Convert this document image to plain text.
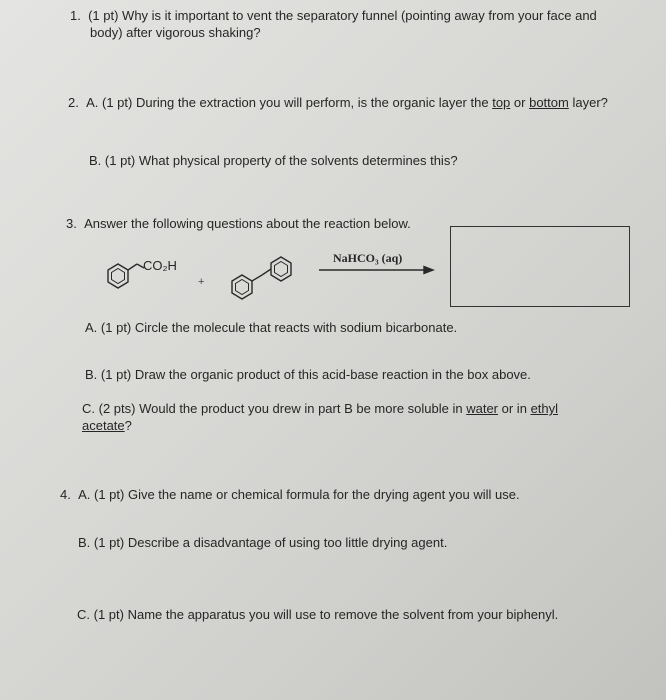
1. (1 pt) Why is it important to vent the separatory funnel (pointing away from your face and
body) after vigorous shaking?
2. A. (1 pt) During the extraction you will perform, is the organic layer the top or bottom layer?
B. (1 pt) What physical property of the solvents determines this?
3. Answer the following questions about the reaction below.
CO₂H
+
NaHCO₃ (aq)
A. (1 pt) Circle the molecule that reacts with sodium bicarbonate.
B. (1 pt) Draw the organic product of this acid-base reaction in the box above.
C. (2 pts) Would the product you drew in part B be more soluble in water or in ethyl
acetate?
4. A. (1 pt) Give the name or chemical formula for the drying agent you will use.
B. (1 pt) Describe a disadvantage of using too little drying agent.
C. (1 pt) Name the apparatus you will use to remove the solvent from your biphenyl.
